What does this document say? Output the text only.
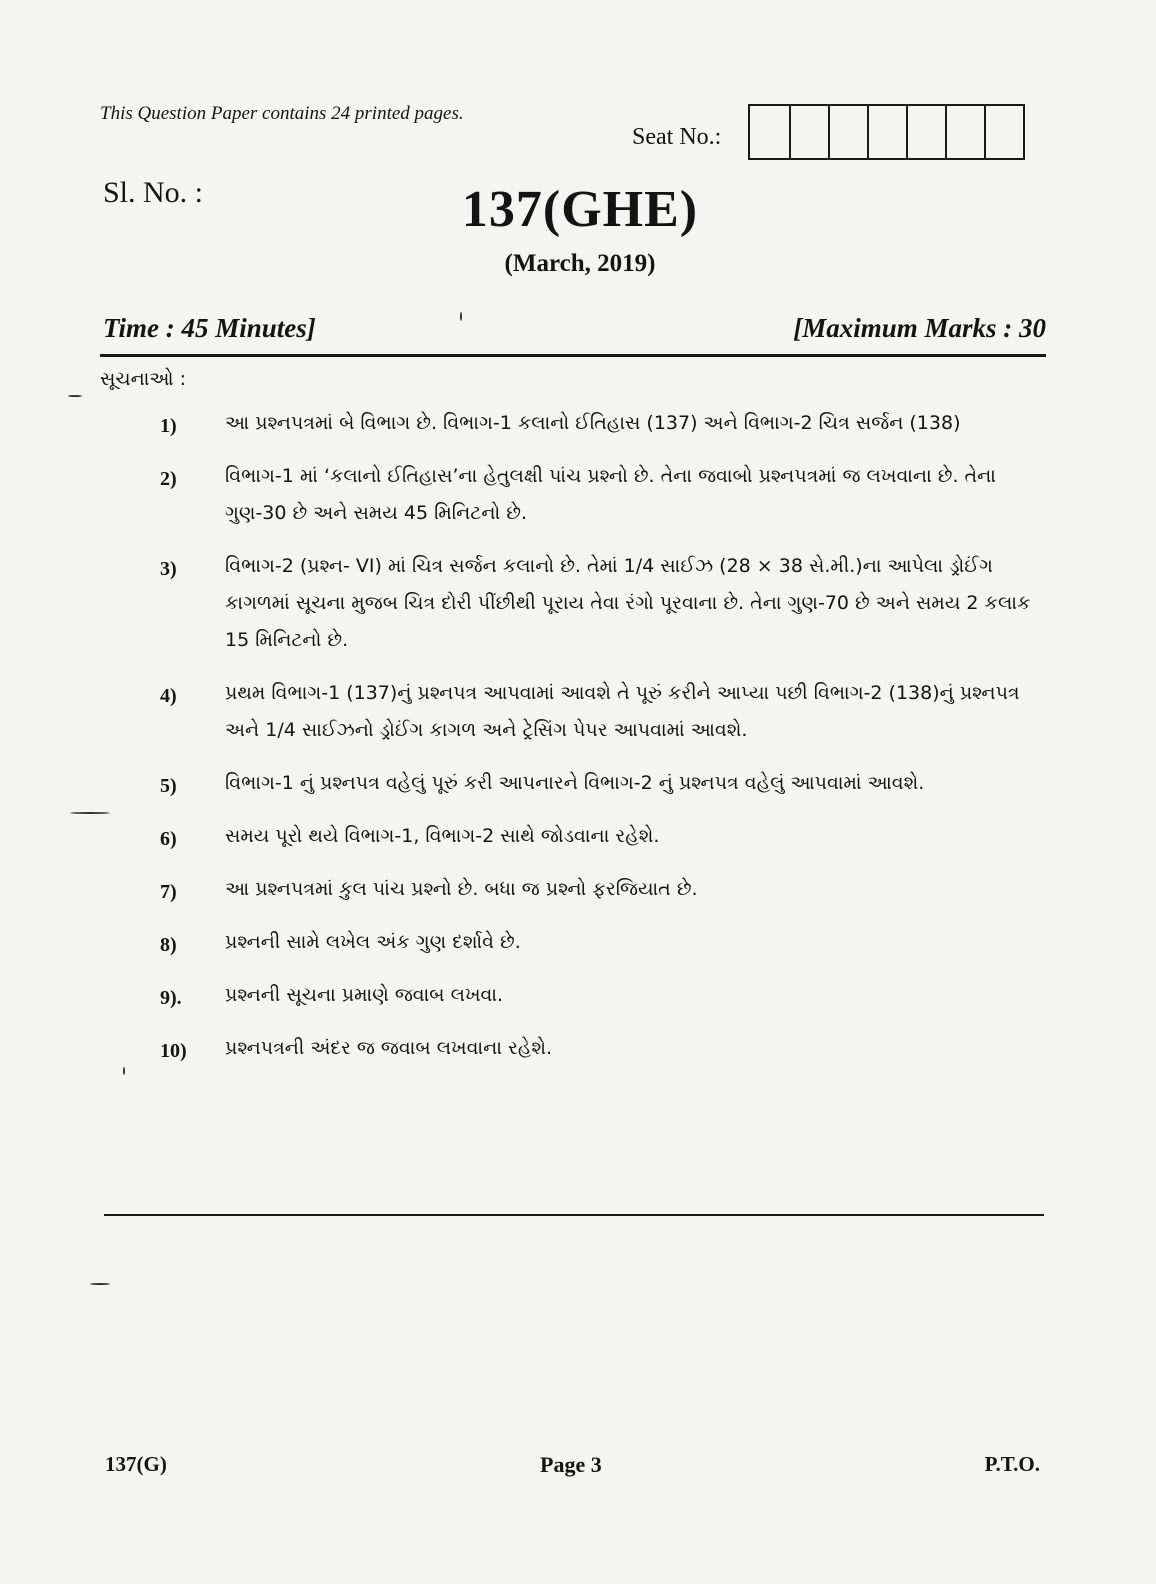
This Question Paper contains 24 printed pages.
Seat No.:
Sl. No. :	137(GHE)
(March, 2019)
Time : 45 Minutes]	[Maximum Marks : 30
સૂચનાઓ :
1)	આ પ્રશ્નપત્રમાં બે વિભાગ છે. વિભાગ-1 કલાનો ઈતિહાસ (137) અને વિભાગ-2 ચિત્ર સર્જન (138)
2)	વિભાગ-1 માં ‘કલાનો ઈતિહાસ’ના હેતુલક્ષી પાંચ પ્રશ્નો છે. તેના જવાબો પ્રશ્નપત્રમાં જ લખવાના છે. તેના ગુણ-30 છે અને સમય 45 મિનિટનો છે.
3)	વિભાગ-2 (પ્રશ્ન- VI) માં ચિત્ર સર્જન કલાનો છે. તેમાં 1/4 સાઈઝ (28 × 38 સે.મી.)ના આપેલા ડ્રોઈંગ કાગળમાં સૂચના મુજબ ચિત્ર દોરી પીંછીથી પૂરાય તેવા રંગો પૂરવાના છે. તેના ગુણ-70 છે અને સમય 2 કલાક 15 મિનિટનો છે.
4)	પ્રથમ વિભાગ-1 (137)નું પ્રશ્નપત્ર આપવામાં આવશે તે પૂરું કરીને આપ્યા પછી વિભાગ-2 (138)નું પ્રશ્નપત્ર અને 1/4 સાઈઝનો ડ્રોઈંગ કાગળ અને ટ્રેસિંગ પેપર આપવામાં આવશે.
5)	વિભાગ-1 નું પ્રશ્નપત્ર વહેલું પૂરું કરી આપનારને વિભાગ-2 નું પ્રશ્નપત્ર વહેલું આપવામાં આવશે.
6)	સમય પૂરો થયે વિભાગ-1, વિભાગ-2 સાથે જોડવાના રહેશે.
7)	આ પ્રશ્નપત્રમાં કુલ પાંચ પ્રશ્નો છે. બધા જ પ્રશ્નો ફરજિયાત છે.
8)	પ્રશ્નની સામે લખેલ અંક ગુણ દર્શાવે છે.
9). પ્રશ્નની સૂચના પ્રમાણે જવાબ લખવા.
10) પ્રશ્નપત્રની અંદર જ જવાબ લખવાના રહેશે.
137(G)	Page 3	P.T.O.
